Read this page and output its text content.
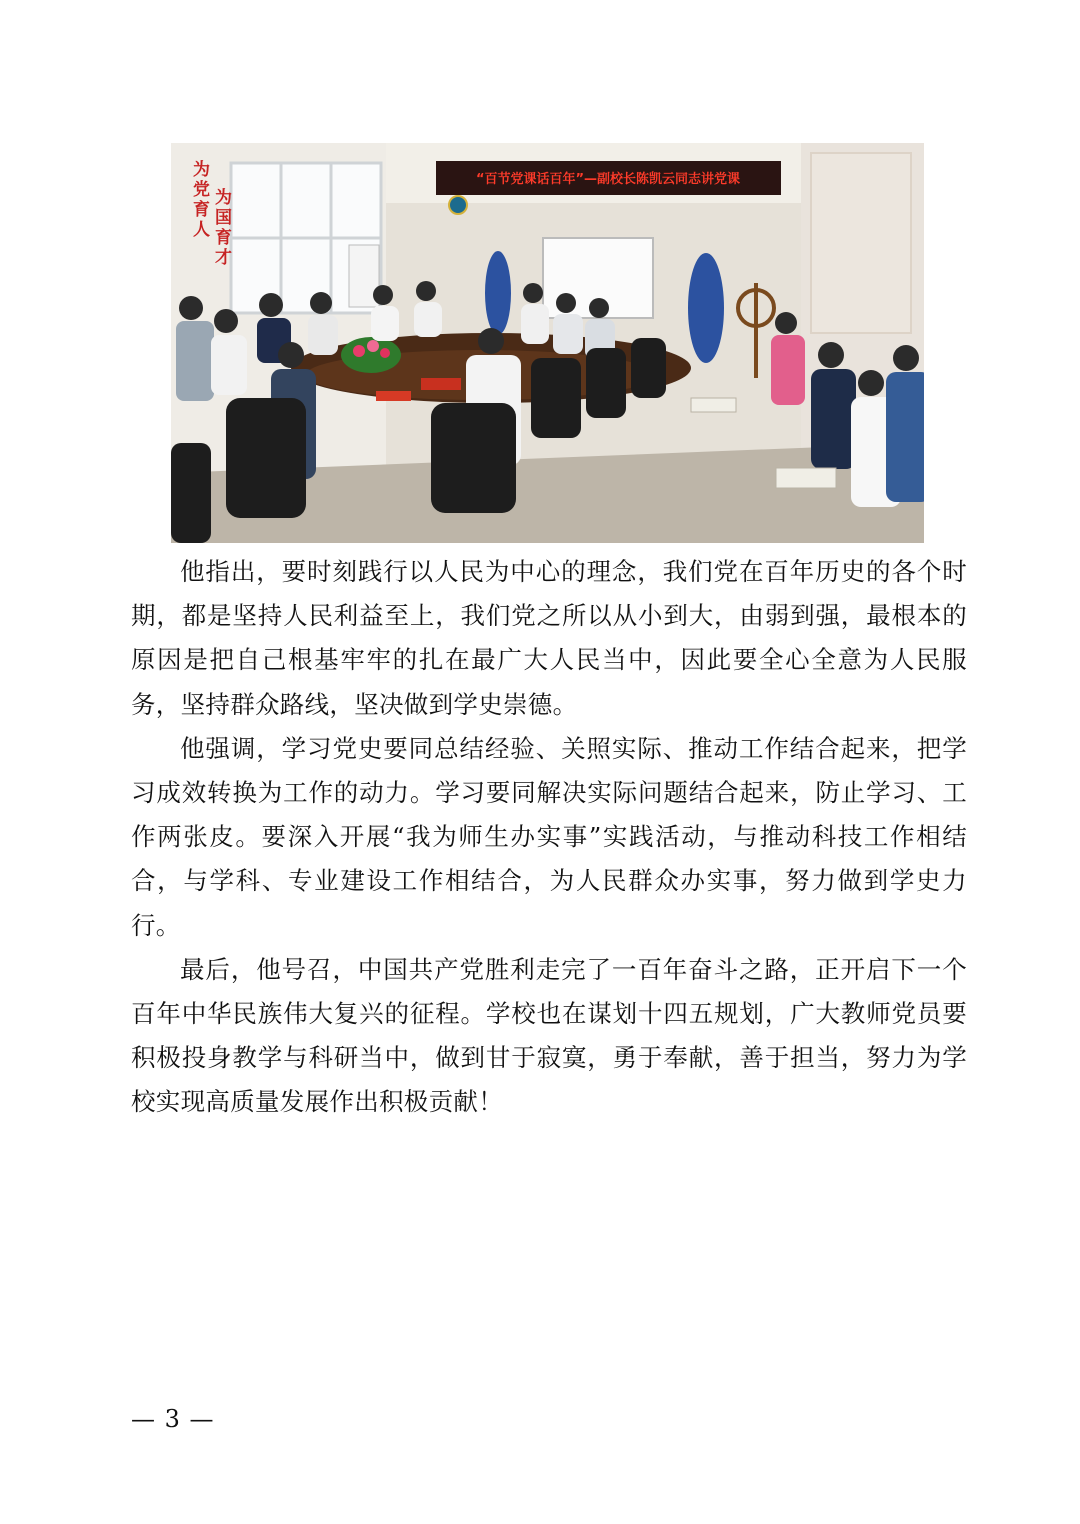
“百节党课话百年”—副校长陈凯云同志讲党课
为党育人
为国育才

他指出，要时刻践行以人民为中心的理念，我们党在百年历史的各个时期，都是坚持人民利益至上，我们党之所以从小到大，由弱到强，最根本的原因是把自己根基牢牢的扎在最广大人民当中，因此要全心全意为人民服务，坚持群众路线，坚决做到学史崇德。

他强调，学习党史要同总结经验、关照实际、推动工作结合起来，把学习成效转换为工作的动力。学习要同解决实际问题结合起来，防止学习、工作两张皮。要深入开展“我为师生办实事”实践活动，与推动科技工作相结合，与学科、专业建设工作相结合，为人民群众办实事，努力做到学史力行。

最后，他号召，中国共产党胜利走完了一百年奋斗之路，正开启下一个百年中华民族伟大复兴的征程。学校也在谋划十四五规划，广大教师党员要积极投身教学与科研当中，做到甘于寂寞，勇于奉献，善于担当，努力为学校实现高质量发展作出积极贡献！

— 3 —
